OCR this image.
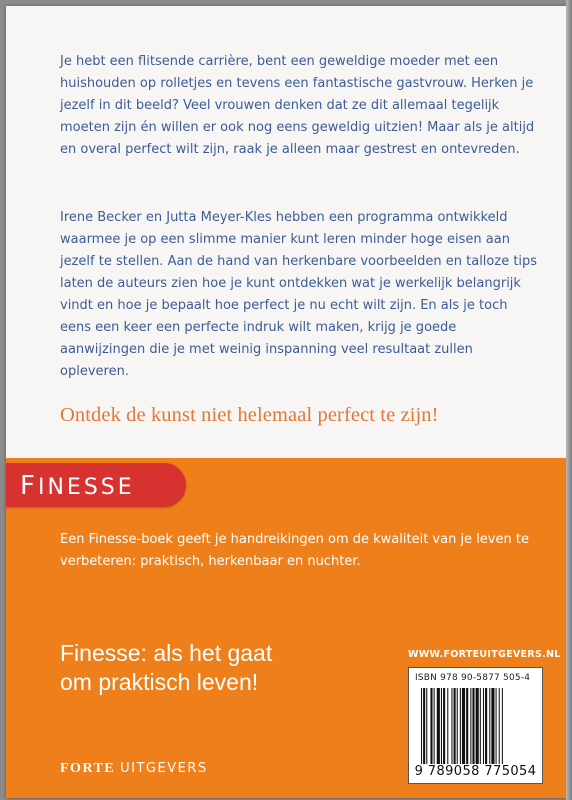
Je hebt een flitsende carrière, bent een geweldige moeder met een huishouden op rolletjes en tevens een fantastische gastvrouw. Herken je jezelf in dit beeld? Veel vrouwen denken dat ze dit allemaal tegelijk moeten zijn én willen er ook nog eens geweldig uitzien! Maar als je altijd en overal perfect wilt zijn, raak je alleen maar gestrest en ontevreden.

Irene Becker en Jutta Meyer-Kles hebben een programma ontwikkeld waarmee je op een slimme manier kunt leren minder hoge eisen aan jezelf te stellen. Aan de hand van herkenbare voorbeelden en talloze tips laten de auteurs zien hoe je kunt ontdekken wat je werkelijk belangrijk vindt en hoe je bepaalt hoe perfect je nu echt wilt zijn. En als je toch eens een keer een perfecte indruk wilt maken, krijg je goede aanwijzingen die je met weinig inspanning veel resultaat zullen opleveren.

Ontdek de kunst niet helemaal perfect te zijn!

FINESSE

Een Finesse-boek geeft je handreikingen om de kwaliteit van je leven te verbeteren: praktisch, herkenbaar en nuchter.

Finesse: als het gaat
om praktisch leven!
FORTE UITGEVERS
WWW.FORTEUITGEVERS.NL
ISBN 978 90-5877 505-4
9 789058 775054
